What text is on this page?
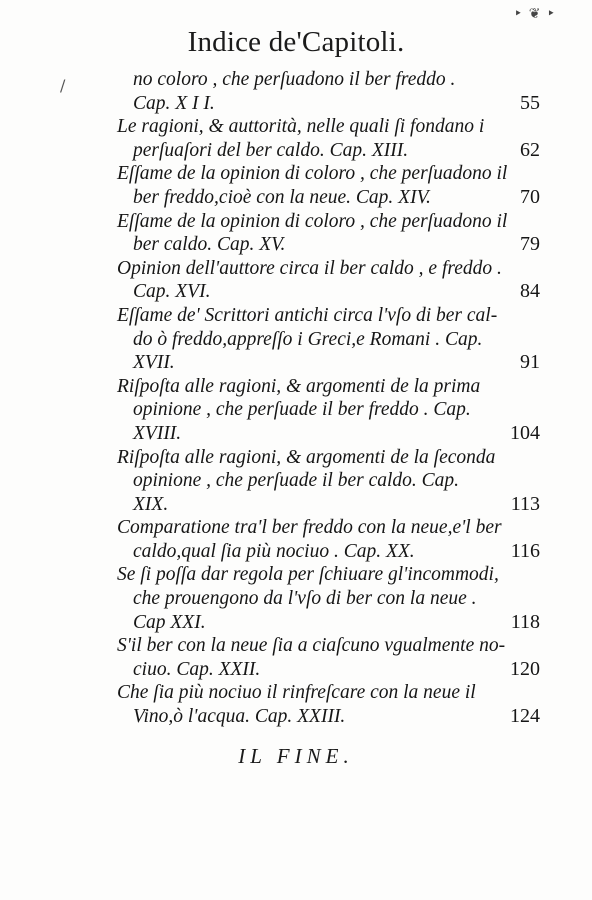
‣ ❦ ‣
/
Indice de'Capitoli.
no coloro , che perſuadono il ber freddo .
Cap. X I I.	55
Le ragioni, & auttorità, nelle quali ſi fondano i
perſuaſori del ber caldo. Cap. XIII.	62
Eſſame de la opinion di coloro , che perſuadono il
ber freddo,cioè con la neue. Cap. XIV.	70
Eſſame de la opinion di coloro , che perſuadono il
ber caldo. Cap. XV.	79
Opinion dell'auttore circa il ber caldo , e freddo .
Cap. XVI.	84
Eſſame de' Scrittori antichi circa l'vſo di ber cal-
do ò freddo,appreſſo i Greci,e Romani . Cap.
XVII.	91
Riſpoſta alle ragioni, & argomenti de la prima
opinione , che perſuade il ber freddo . Cap.
XVIII.	104
Riſpoſta alle ragioni, & argomenti de la ſeconda
opinione , che perſuade il ber caldo. Cap.
XIX.	113
Comparatione tra'l ber freddo con la neue,e'l ber
caldo,qual ſia più nociuo . Cap. XX.	116
Se ſi poſſa dar regola per ſchiuare gl'incommodi,
che prouengono da l'vſo di ber con la neue .
Cap XXI.	118
S'il ber con la neue ſia a ciaſcuno vgualmente no-
ciuo. Cap. XXII.	120
Che ſia più nociuo il rinfreſcare con la neue il
Vino,ò l'acqua. Cap. XXIII.	124
IL FINE.
